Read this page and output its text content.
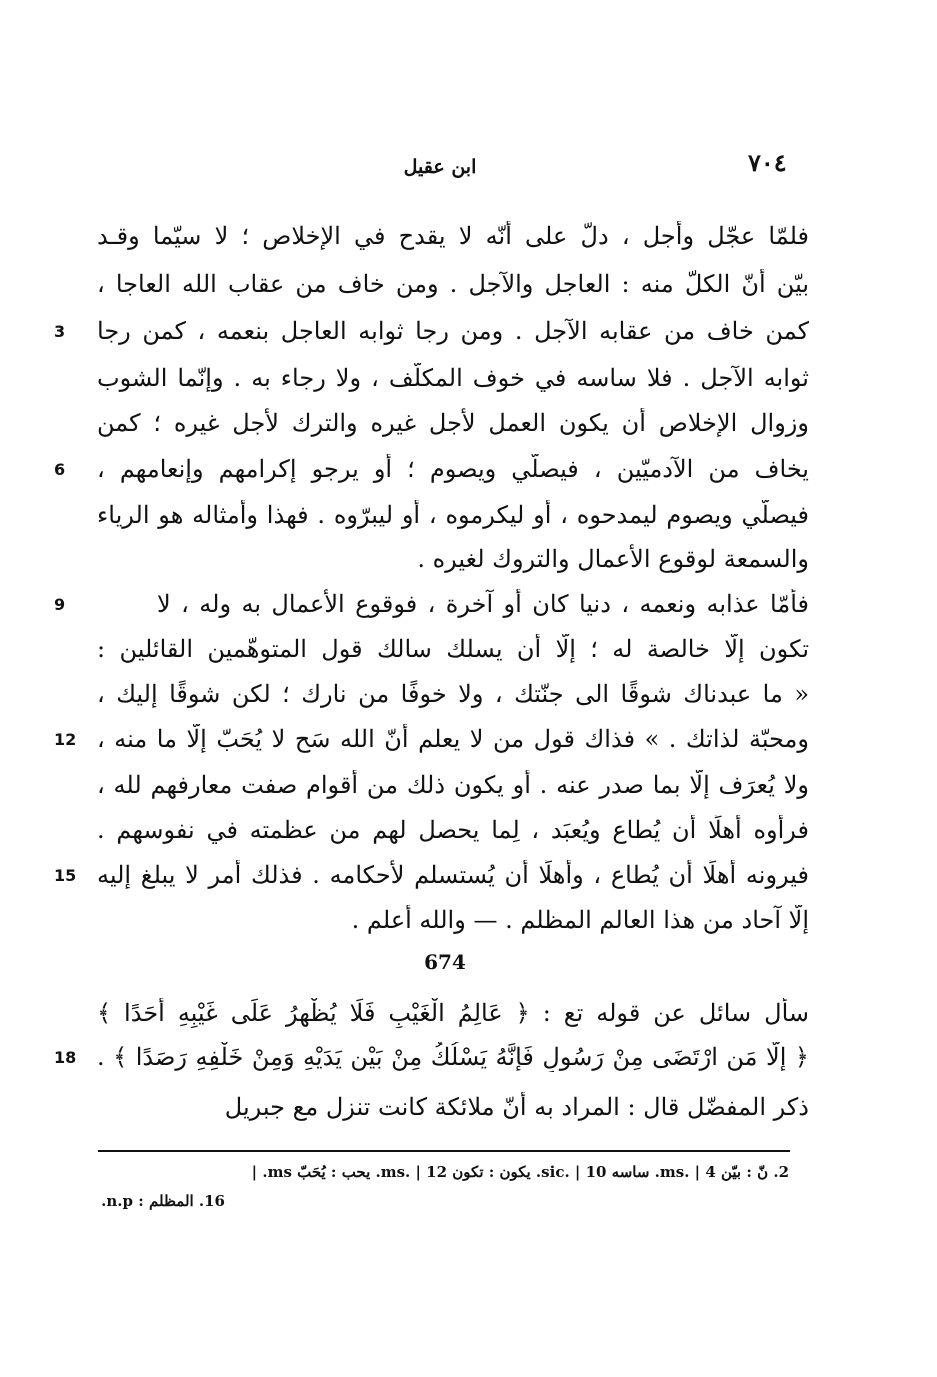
٧٠٤
ابن عقيل
فلمّا عجّل وأجل ، دلّ على أنّه لا يقدح في الإخلاص ؛ لا سيّما وقـد
بيّن أنّ الكلّ منه : العاجل والآجل . ومن خاف من عقاب الله العاجا ،
كمن خاف من عقابه الآجل . ومن رجا ثوابه العاجل بنعمه ، كمن رجا
3
ثوابه الآجل . فلا ساسه في خوف المكلّف ، ولا رجاء به . وإنّما الشوب
وزوال الإخلاص أن يكون العمل لأجل غيره والترك لأجل غيره ؛ كمن
يخاف من الآدميّين ، فيصلّي ويصوم ؛ أو يرجو إكرامهم وإنعامهم ،
6
فيصلّي ويصوم ليمدحوه ، أو ليكرموه ، أو ليبرّوه . فهذا وأمثاله هو الرياء
والسمعة لوقوع الأعمال والتروك لغيره .
فأمّا عذابه ونعمه ، دنيا كان أو آخرة ، فوقوع الأعمال به وله ، لا
9
تكون إلّا خالصة له ؛ إلّا أن يسلك سالك قول المتوهّمين القائلين :
« ما عبدناك شوقًا الى جنّتك ، ولا خوفًا من نارك ؛ لكن شوقًا إليك ،
ومحبّة لذاتك . » فذاك قول من لا يعلم أنّ الله سَح لا يُحَبّ إلّا ما منه ،
12
ولا يُعرَف إلّا بما صدر عنه . أو يكون ذلك من أقوام صفت معارفهم لله ،
فرأوه أهلًا أن يُطاع ويُعبَد ، لِما يحصل لهم من عظمته في نفوسهم .
فيرونه أهلًا أن يُطاع ، وأهلًا أن يُستسلم لأحكامه . فذلك أمر لا يبلغ إليه
15
إلّا آحاد من هذا العالم المظلم . — والله أعلم .
674
سأل سائل عن قوله تع : ﴿ عَالِمُ الْغَيْبِ فَلَا يُظْهِرُ عَلَى غَيْبِهِ أَحَدًا ﴾
﴿ إِلَّا مَنِ ارْتَضَى مِنْ رَسُولٍ فَإِنَّهُ يَسْلُكُ مِنْ بَيْنِ يَدَيْهِ وَمِنْ خَلْفِهِ رَصَدًا ﴾ .
18
ذكر المفضّل قال : المراد به أنّ ملائكة كانت تنزل مع جبريل
2. نّ : بيّن ms. | 4. ساسه sic. | 10. يكون : تكون ms. | 12. يحب : يُحَبّ ms. |
16. المظلم : n.p.
